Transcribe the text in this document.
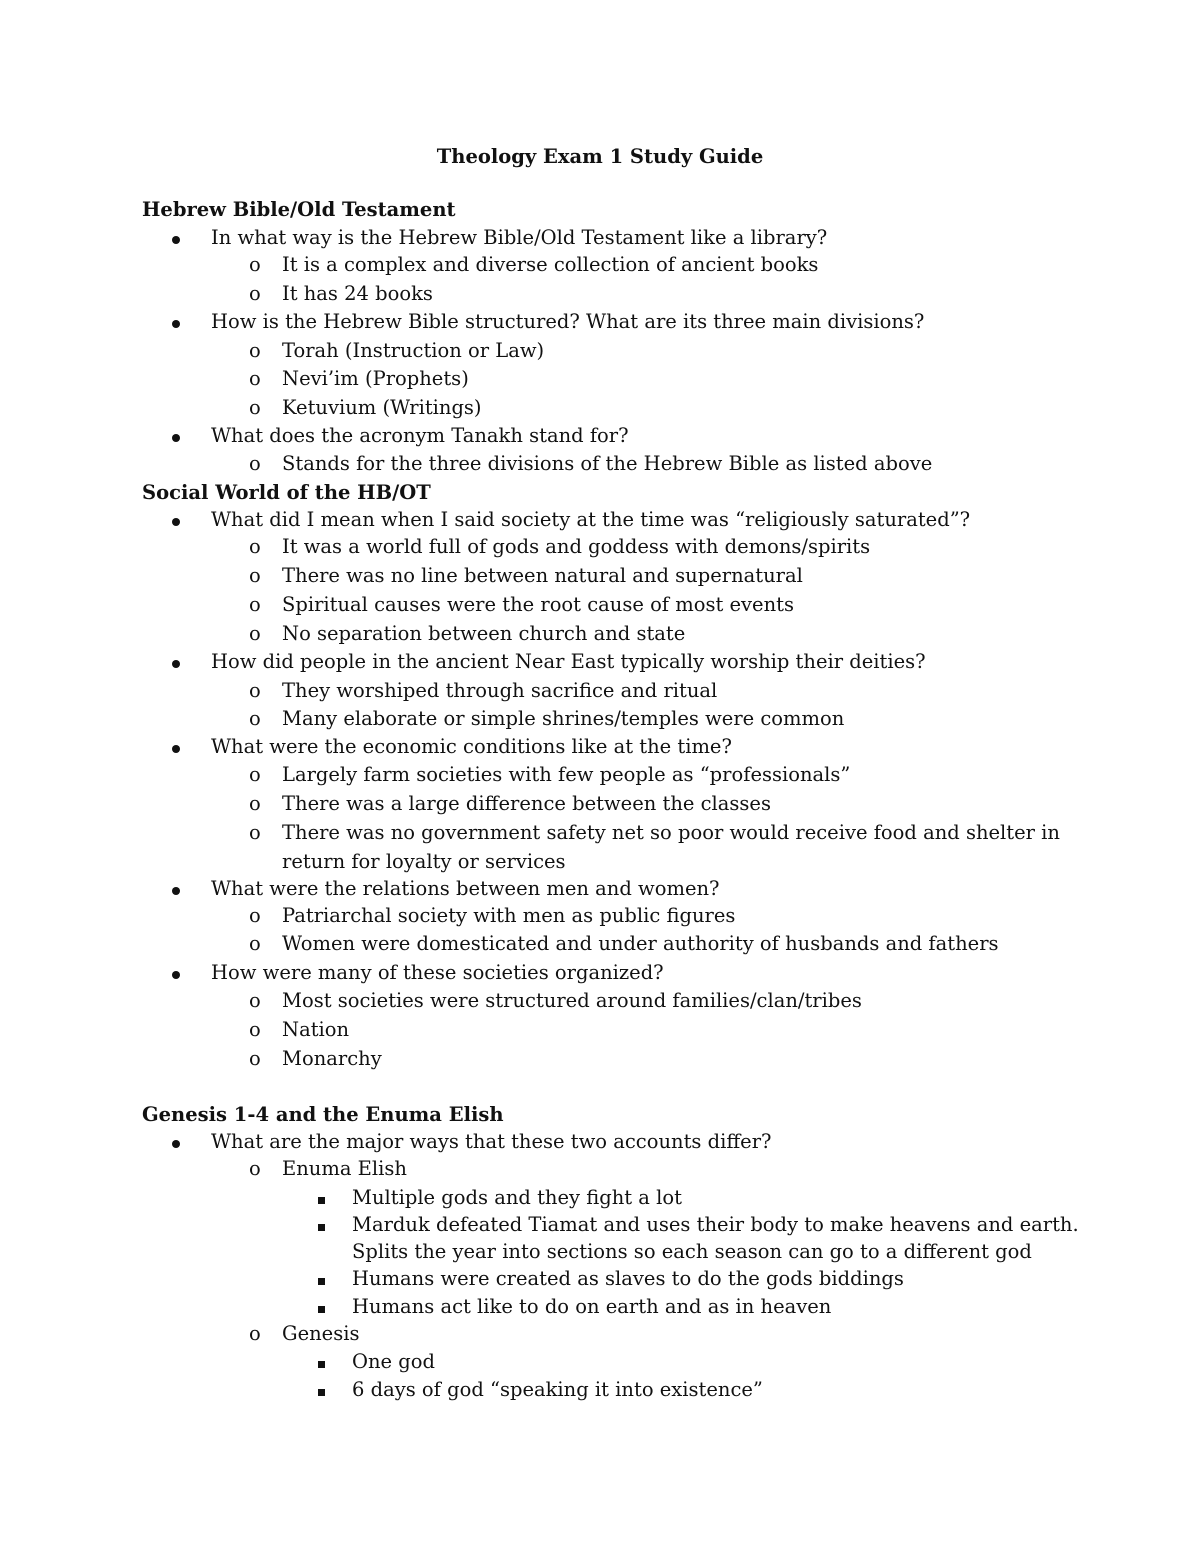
Theology Exam 1 Study Guide
Hebrew Bible/Old Testament
In what way is the Hebrew Bible/Old Testament like a library?
o It is a complex and diverse collection of ancient books
o It has 24 books
How is the Hebrew Bible structured? What are its three main divisions?
o Torah (Instruction or Law)
o Nevi’im (Prophets)
o Ketuvium (Writings)
What does the acronym Tanakh stand for?
o Stands for the three divisions of the Hebrew Bible as listed above
Social World of the HB/OT
What did I mean when I said society at the time was “religiously saturated”?
o It was a world full of gods and goddess with demons/spirits
o There was no line between natural and supernatural
o Spiritual causes were the root cause of most events
o No separation between church and state
How did people in the ancient Near East typically worship their deities?
o They worshiped through sacrifice and ritual
o Many elaborate or simple shrines/temples were common
What were the economic conditions like at the time?
o Largely farm societies with few people as “professionals”
o There was a large difference between the classes
o There was no government safety net so poor would receive food and shelter in
return for loyalty or services
What were the relations between men and women?
o Patriarchal society with men as public figures
o Women were domesticated and under authority of husbands and fathers
How were many of these societies organized?
o Most societies were structured around families/clan/tribes
o Nation
o Monarchy
Genesis 1-4 and the Enuma Elish
What are the major ways that these two accounts differ?
o Enuma Elish
Multiple gods and they fight a lot
Marduk defeated Tiamat and uses their body to make heavens and earth.
Splits the year into sections so each season can go to a different god
Humans were created as slaves to do the gods biddings
Humans act like to do on earth and as in heaven
o Genesis
One god
6 days of god “speaking it into existence”
